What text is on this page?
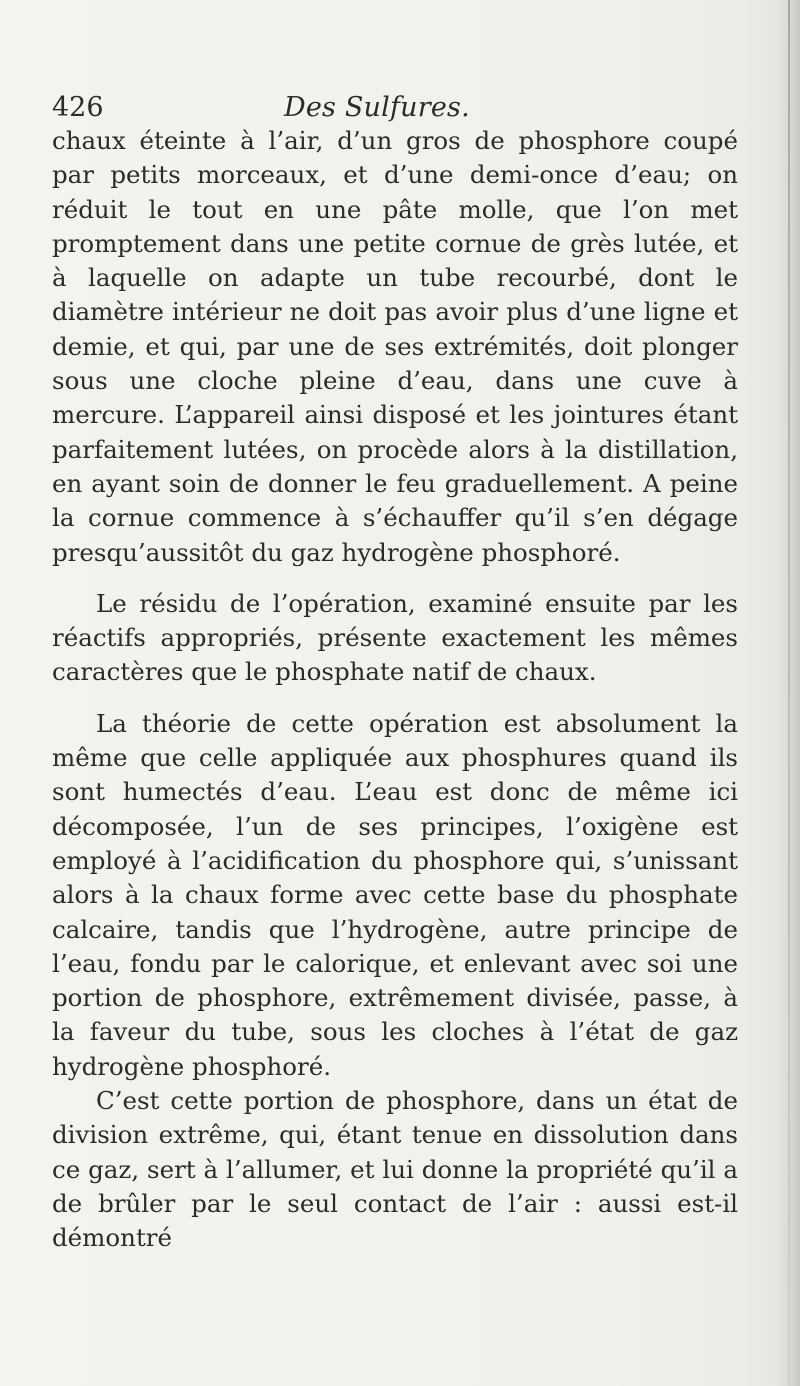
426	Des Sulfures.

chaux éteinte à l’air, d’un gros de phosphore coupé par petits morceaux, et d’une demi-once d’eau; on réduit le tout en une pâte molle, que l’on met promptement dans une petite cornue de grès lutée, et à laquelle on adapte un tube recourbé, dont le diamètre intérieur ne doit pas avoir plus d’une ligne et demie, et qui, par une de ses extrémités, doit plonger sous une cloche pleine d’eau, dans une cuve à mercure. L’appareil ainsi disposé et les jointures étant parfaitement lutées, on procède alors à la distillation, en ayant soin de donner le feu graduellement. A peine la cornue commence à s’échauffer qu’il s’en dégage presqu’aussitôt du gaz hydrogène phosphoré.

Le résidu de l’opération, examiné ensuite par les réactifs appropriés, présente exactement les mêmes caractères que le phosphate natif de chaux.

La théorie de cette opération est absolument la même que celle appliquée aux phosphures quand ils sont humectés d’eau. L’eau est donc de même ici décomposée, l’un de ses principes, l’oxigène est employé à l’acidification du phosphore qui, s’unissant alors à la chaux forme avec cette base du phosphate calcaire, tandis que l’hydrogène, autre principe de l’eau, fondu par le calorique, et enlevant avec soi une portion de phosphore, extrêmement divisée, passe, à la faveur du tube, sous les cloches à l’état de gaz hydrogène phosphoré.

C’est cette portion de phosphore, dans un état de division extrême, qui, étant tenue en dissolution dans ce gaz, sert à l’allumer, et lui donne la propriété qu’il a de brûler par le seul contact de l’air : aussi est-il démontré
